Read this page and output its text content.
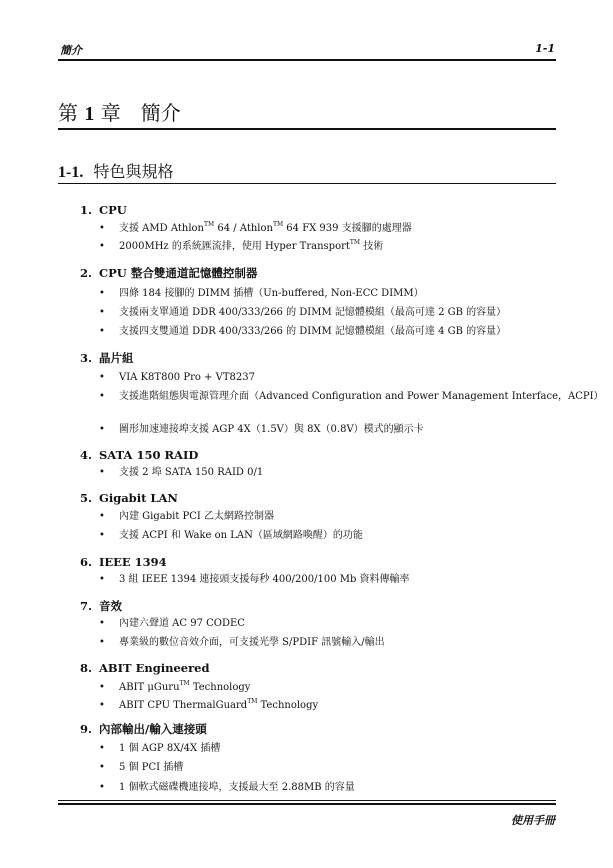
簡介	1-1
第 1 章　簡介
1-1. 特色與規格
1. CPU
• 支援 AMD Athlon™ 64 / Athlon™ 64 FX 939 支援腳的處理器
• 2000MHz 的系統匯流排，使用 Hyper Transport™ 技術
2. CPU 整合雙通道記憶體控制器
• 四條 184 接腳的 DIMM 插槽（Un-buffered, Non-ECC DIMM）
• 支援兩支單通道 DDR 400/333/266 的 DIMM 記憶體模組（最高可達 2 GB 的容量）
• 支援四支雙通道 DDR 400/333/266 的 DIMM 記憶體模組（最高可達 4 GB 的容量）
3. 晶片組
• VIA K8T800 Pro + VT8237
• 支援進階組態與電源管理介面（Advanced Configuration and Power Management Interface，ACPI）
• 圖形加速連接埠支援 AGP 4X（1.5V）與 8X（0.8V）模式的顯示卡
4. SATA 150 RAID
• 支援 2 埠 SATA 150 RAID 0/1
5. Gigabit LAN
• 內建 Gigabit PCI 乙太網路控制器
• 支援 ACPI 和 Wake on LAN（區域網路喚醒）的功能
6. IEEE 1394
• 3 組 IEEE 1394 連接頭支援每秒 400/200/100 Mb 資料傳輸率
7. 音效
• 內建六聲道 AC 97 CODEC
• 專業級的數位音效介面，可支援光學 S/PDIF 訊號輸入/輸出
8. ABIT Engineered
• ABIT μGuru™ Technology
• ABIT CPU ThermalGuard™ Technology
9. 內部輸出/輸入連接頭
• 1 個 AGP 8X/4X 插槽
• 5 個 PCI 插槽
• 1 個軟式磁碟機連接埠，支援最大至 2.88MB 的容量
使用手冊
